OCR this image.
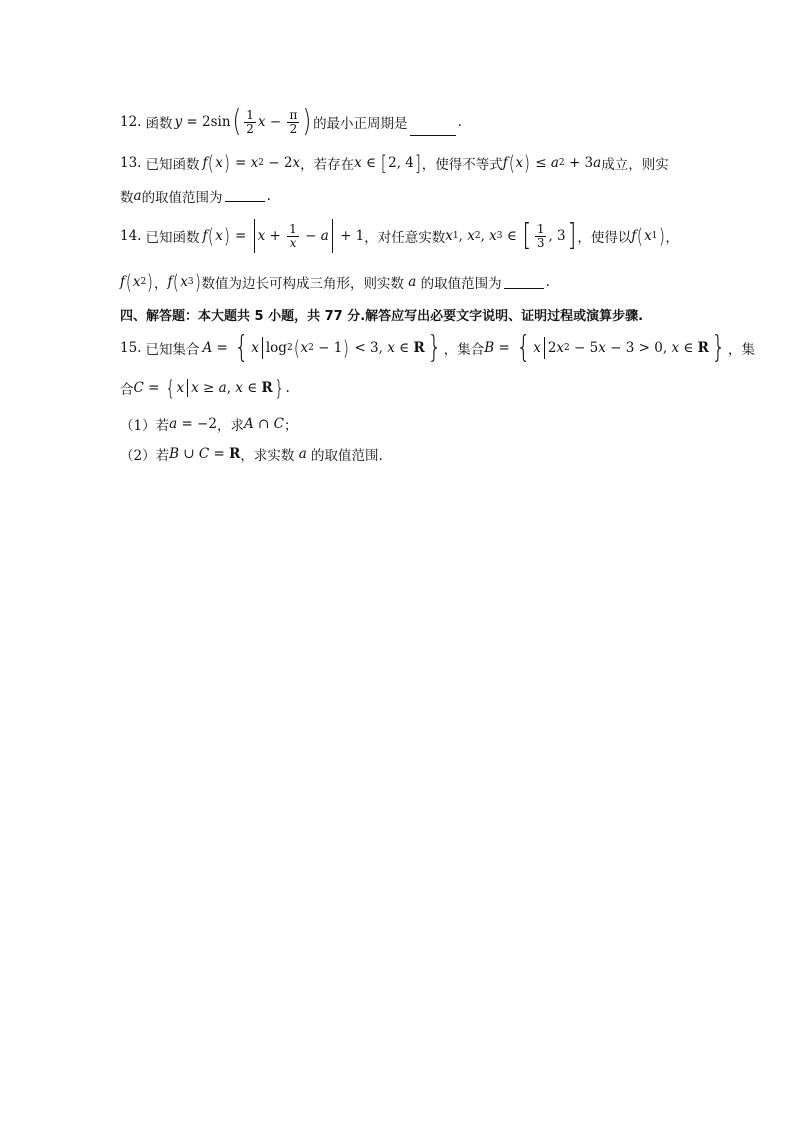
12. 函数 y = 2sin ( $\frac{1}{2}$ $x - \frac{\pi}{2}$ ) 的最小正周期是	.
13. 已知函数 f ( x ) = x 2 − 2 x ，若存在 x ∈ [ 2, 4 ] ，使得不等式 f ( x ) ≤ a 2 + 3 a 成立，则实
数 a 的取值范围为	.
14. 已知函数 f ( x ) = $x + \frac{1}{x} - a + 1$ ，对任意实数 x 1 , x 2 , x 3 ∈ [ $\frac{1}{3}$ , 3 ] ，使得以 f ( x 1 ) ，
f ( x 2 ) ， f ( x 3 ) 数值为边长可构成三角形，则实数 a 的取值范围为	.
四、解答题：本大题共 5 小题，共 77 分.解答应写出必要文字说明、证明过程或演算步骤.
15. 已知集合 A = { x log 2 ( x 2 − 1 ) < 3, x ∈ R } ，集合 B = { x 2 x 2 − 5 x − 3 > 0, x ∈ R } ，集
合 C = { x x ≥ a , x ∈ R } .
（1）若 a = −2 ，求 A ∩ C ；
（2）若 B ∪ C = R ，求实数 a 的取值范围.
